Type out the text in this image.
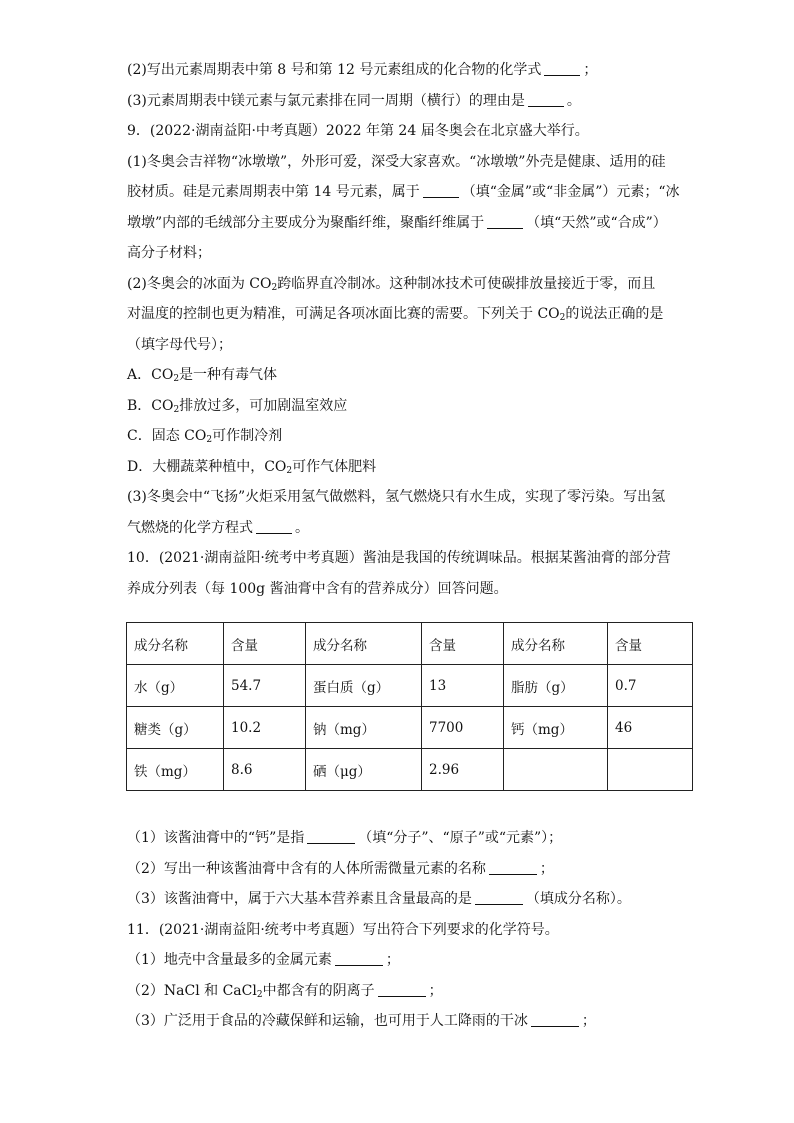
(2)写出元素周期表中第 8 号和第 12 号元素组成的化合物的化学式	；
(3)元素周期表中镁元素与氯元素排在同一周期（横行）的理由是	。
9．(2022·湖南益阳·中考真题）2022 年第 24 届冬奥会在北京盛大举行。
(1)冬奥会吉祥物“冰墩墩”，外形可爱，深受大家喜欢。“冰墩墩”外壳是健康、适用的硅
胶材质。硅是元素周期表中第 14 号元素，属于	（填“金属”或“非金属”）元素；“冰
墩墩”内部的毛绒部分主要成分为聚酯纤维，聚酯纤维属于	（填“天然”或“合成”）
高分子材料；
(2)冬奥会的冰面为 $CO_2$跨临界直冷制冰。这种制冰技术可使碳排放量接近于零，而且
对温度的控制也更为精准，可满足各项冰面比赛的需要。下列关于 $CO_2$的说法正确的是
（填字母代号）；
A．$CO_2$是一种有毒气体
B．$CO_2$排放过多，可加剧温室效应
C．固态 $CO_2$可作制冷剂
D．大棚蔬菜种植中，$CO_2$可作气体肥料
(3)冬奥会中“飞扬”火炬采用氢气做燃料，氢气燃烧只有水生成，实现了零污染。写出氢
气燃烧的化学方程式	。
10．(2021·湖南益阳·统考中考真题）酱油是我国的传统调味品。根据某酱油膏的部分营
养成分列表（每 100g 酱油膏中含有的营养成分）回答问题。
成分名称	含量	成分名称	含量	成分名称	含量
水（g）	54.7	蛋白质（g）	13	脂肪（g）	0.7
糖类（g）	10.2	钠（mg）	7700	钙（mg）	46
铁（mg）	8.6	硒（μg）	2.96		
（1）该酱油膏中的“钙”是指	（填“分子”、“原子”或“元素”）；
（2）写出一种该酱油膏中含有的人体所需微量元素的名称	；
（3）该酱油膏中，属于六大基本营养素且含量最高的是	（填成分名称）。
11．(2021·湖南益阳·统考中考真题）写出符合下列要求的化学符号。
（1）地壳中含量最多的金属元素	；
（2）NaCl 和 CaCl$_2$中都含有的阴离子	；
（3）广泛用于食品的冷藏保鲜和运输，也可用于人工降雨的干冰	；
